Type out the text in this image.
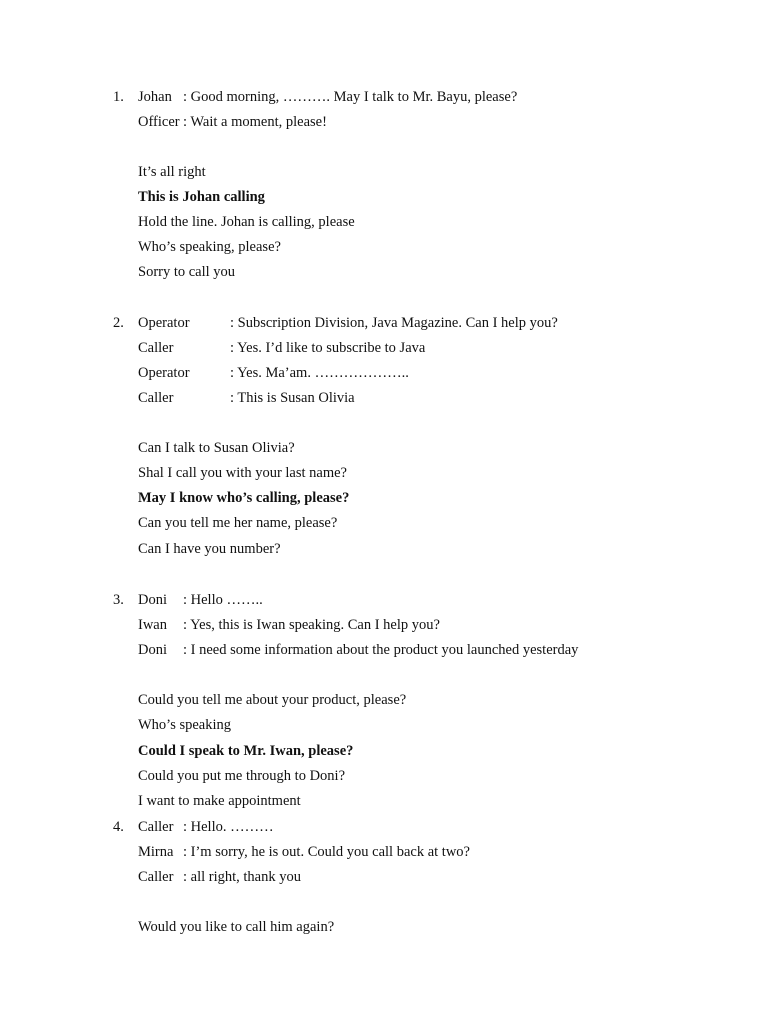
1. Johan : Good morning, ………. May I talk to Mr. Bayu, please?
Officer : Wait a moment, please!
It’s all right
This is Johan calling
Hold the line. Johan is calling, please
Who’s speaking, please?
Sorry to call you
2. Operator	: Subscription Division, Java Magazine. Can I help you?
Caller	: Yes. I’d like to subscribe to Java
Operator	: Yes. Ma’am. ………………..
Caller	: This is Susan Olivia
Can I talk to Susan Olivia?
Shal I call you with your last name?
May I know who’s calling, please?
Can you tell me her name, please?
Can I have you number?
3. Doni : Hello ……..
Iwan : Yes, this is Iwan speaking. Can I help you?
Doni : I need some information about the product you launched yesterday
Could you tell me about your product, please?
Who’s speaking
Could I speak to Mr. Iwan, please?
Could you put me through to Doni?
I want to make appointment
4. Caller : Hello. ………
Mirna : I’m sorry, he is out. Could you call back at two?
Caller : all right, thank you
Would you like to call him again?
